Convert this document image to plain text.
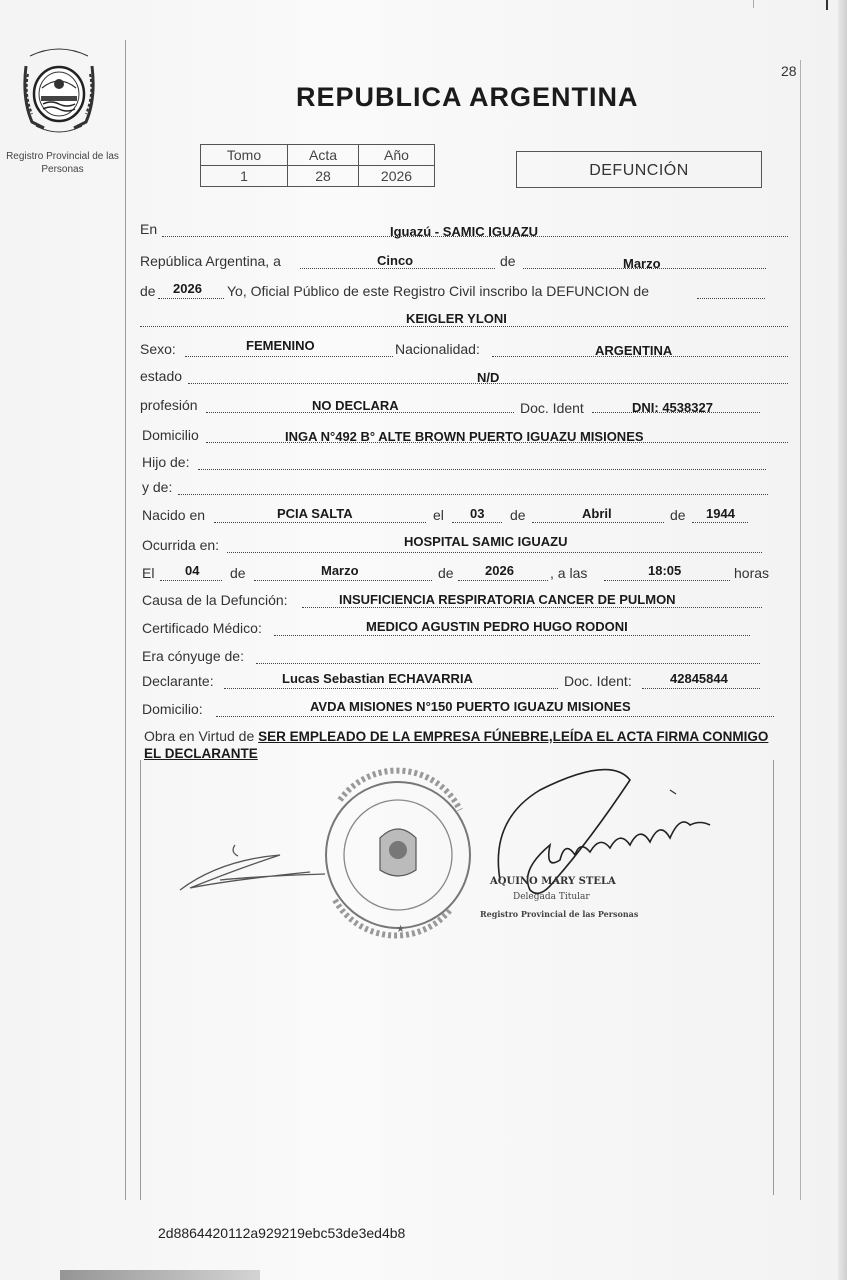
Registro Provincial de las Personas
28
REPUBLICA ARGENTINA
Tomo	Acta	Año
1	28	2026	DEFUNCIÓN
En	Iguazú - SAMIC IGUAZU
República Argentina, a	Cinco	de	Marzo
de 2026 Yo, Oficial Público de este Registro Civil inscribo la DEFUNCION de
KEIGLER YLONI
Sexo:	FEMENINO	Nacionalidad:	ARGENTINA
estado	N/D
profesión	NO DECLARA	Doc. Ident	DNI: 4538327
Domicilio	INGA N°492 B° ALTE BROWN PUERTO IGUAZU MISIONES
Hijo de:
y de:
Nacido en	PCIA SALTA	el 03 de	Abril	de 1944
Ocurrida en:	HOSPITAL SAMIC IGUAZU
El 04 de	Marzo	de 2026	, a las	18:05	horas
Causa de la Defunción:	INSUFICIENCIA RESPIRATORIA CANCER DE PULMON
Certificado Médico:	MEDICO AGUSTIN PEDRO HUGO RODONI
Era cónyuge de:
Declarante:	Lucas Sebastian ECHAVARRIA	Doc. Ident:	42845844
Domicilio:	AVDA MISIONES N°150 PUERTO IGUAZU MISIONES
Obra en Virtud de SER EMPLEADO DE LA EMPRESA FÚNEBRE,LEÍDA EL ACTA FIRMA CONMIGO EL DECLARANTE
★
AQUINO MARY STELA
Delegada Titular
Registro Provincial de las Personas
2d8864420112a929219ebc53de3ed4b8
